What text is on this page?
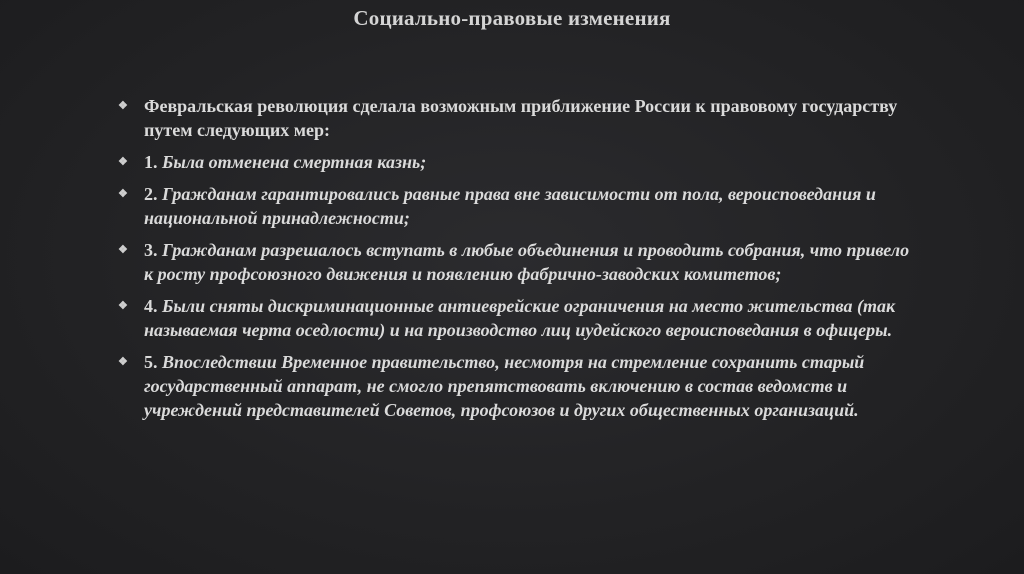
Социально-правовые изменения
❖ Февральская революция сделала возможным приближение России к правовому государству путем следующих мер:
❖ 1. Была отменена смертная казнь;
❖ 2. Гражданам гарантировались равные права вне зависимости от пола, вероисповедания и национальной принадлежности;
❖ 3. Гражданам разрешалось вступать в любые объединения и проводить собрания, что привело к росту профсоюзного движения и появлению фабрично-заводских комитетов;
❖ 4. Были сняты дискриминационные антиеврейские ограничения на место жительства (так называемая черта оседлости) и на производство лиц иудейского вероисповедания в офицеры.
❖ 5. Впоследствии Временное правительство, несмотря на стремление сохранить старый государственный аппарат, не смогло препятствовать включению в состав ведомств и учреждений представителей Советов, профсоюзов и других общественных организаций.
